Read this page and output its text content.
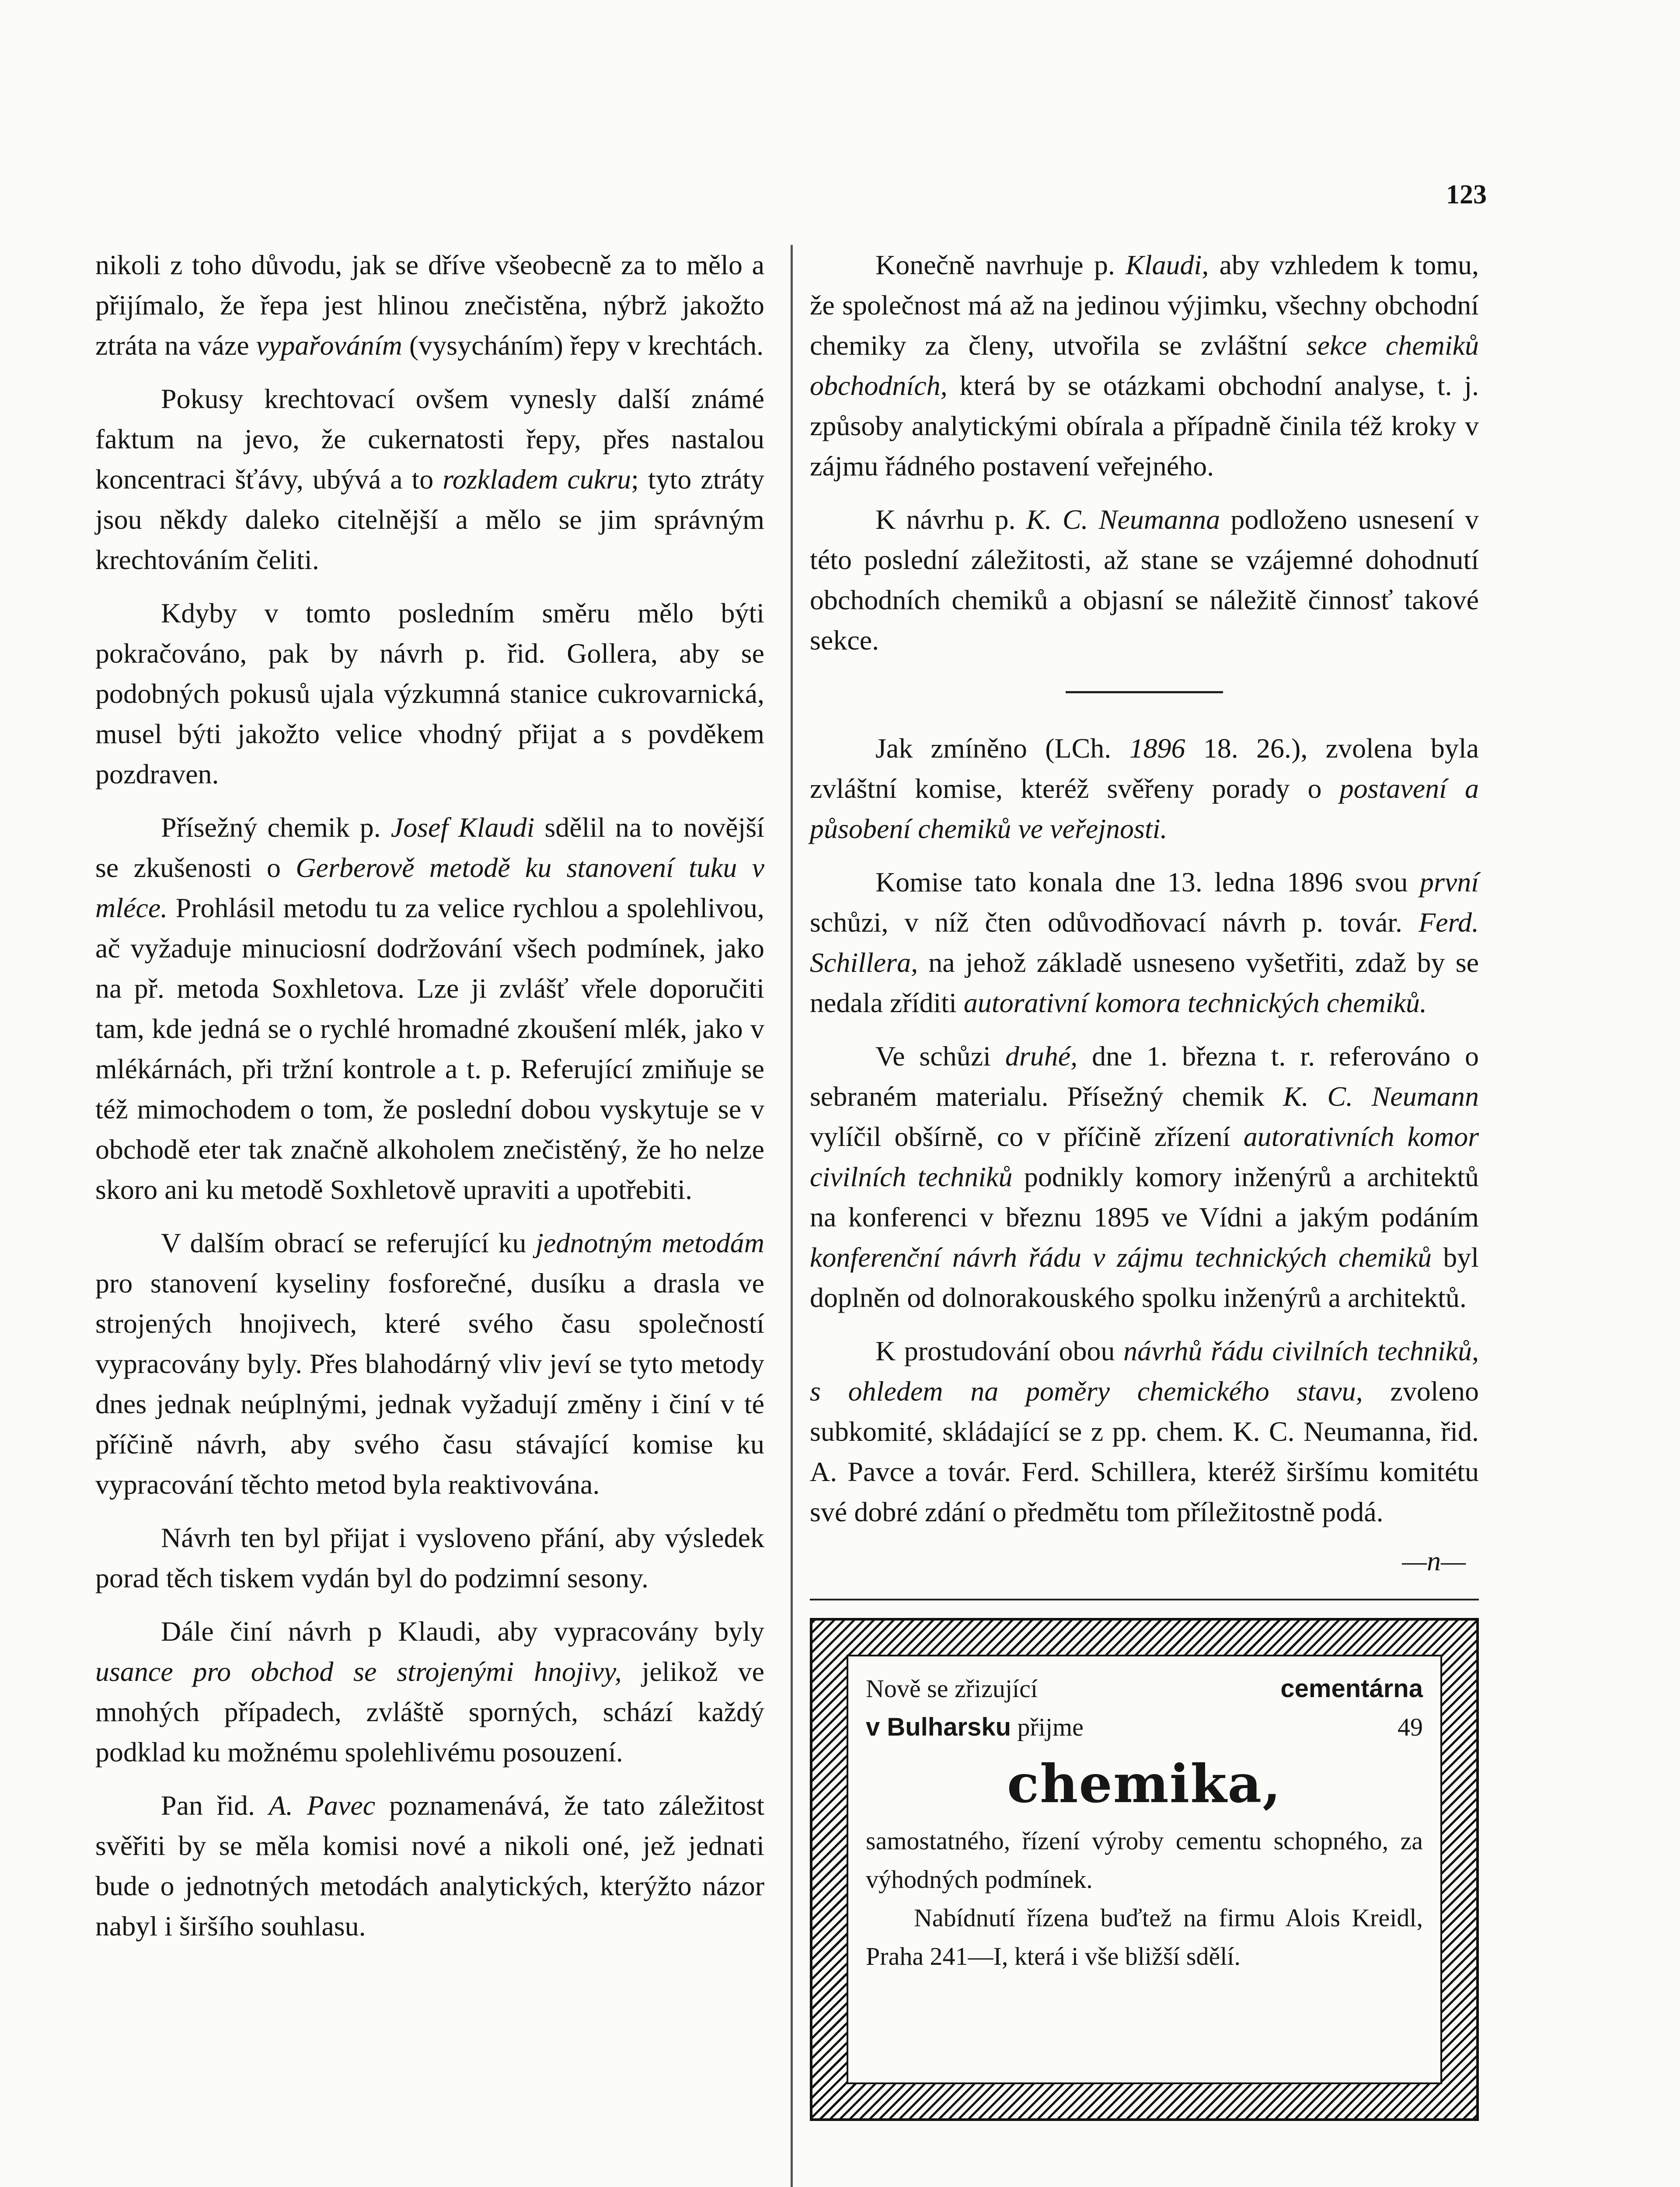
123

nikoli z toho důvodu, jak se dříve všeobecně za to mělo a přijímalo, že řepa jest hlinou znečistěna, nýbrž jakožto ztráta na váze vypařováním (vysycháním) řepy v krechtách.

Pokusy krechtovací ovšem vynesly další známé faktum na jevo, že cukernatosti řepy, přes nastalou koncentraci šťávy, ubývá a to rozkladem cukru; tyto ztráty jsou někdy daleko citelnější a mělo se jim správným krechtováním čeliti.

Kdyby v tomto posledním směru mělo býti pokračováno, pak by návrh p. řid. Gollera, aby se podobných pokusů ujala výzkumná stanice cukrovarnická, musel býti jakožto velice vhodný přijat a s povděkem pozdraven.

Přísežný chemik p. Josef Klaudi sdělil na to novější se zkušenosti o Gerberově metodě ku stanovení tuku v mléce. Prohlásil metodu tu za velice rychlou a spolehlivou, ač vyžaduje minuciosní dodržování všech podmínek, jako na př. metoda Soxhletova. Lze ji zvlášť vřele doporučiti tam, kde jedná se o rychlé hromadné zkoušení mlék, jako v mlékárnách, při tržní kontrole a t. p. Referující zmiňuje se též mimochodem o tom, že poslední dobou vyskytuje se v obchodě eter tak značně alkoholem znečistěný, že ho nelze skoro ani ku metodě Soxhletově upraviti a upotřebiti.

V dalším obrací se referující ku jednotným metodám pro stanovení kyseliny fosforečné, dusíku a drasla ve strojených hnojivech, které svého času společností vypracovány byly. Přes blahodárný vliv jeví se tyto metody dnes jednak neúplnými, jednak vyžadují změny i činí v té příčině návrh, aby svého času stávající komise ku vypracování těchto metod byla reaktivována.

Návrh ten byl přijat i vysloveno přání, aby výsledek porad těch tiskem vydán byl do podzimní sesony.

Dále činí návrh p Klaudi, aby vypracovány byly usance pro obchod se strojenými hnojivy, jelikož ve mnohých případech, zvláště sporných, schází každý podklad ku možnému spolehlivému posouzení.

Pan řid. A. Pavec poznamenává, že tato záležitost svěřiti by se měla komisi nové a nikoli oné, jež jednati bude o jednotných metodách analytických, kterýžto názor nabyl i širšího souhlasu.

Konečně navrhuje p. Klaudi, aby vzhledem k tomu, že společnost má až na jedinou výjimku, všechny obchodní chemiky za členy, utvořila se zvláštní sekce chemiků obchodních, která by se otázkami obchodní analyse, t. j. způsoby analytickými obírala a případně činila též kroky v zájmu řádného postavení veřejného.

K návrhu p. K. C. Neumanna podloženo usnesení v této poslední záležitosti, až stane se vzájemné dohodnutí obchodních chemiků a objasní se náležitě činnosť takové sekce.

Jak zmíněno (LCh. 1896 18. 26.), zvolena byla zvláštní komise, kteréž svěřeny porady o postavení a působení chemiků ve veřejnosti.

Komise tato konala dne 13. ledna 1896 svou první schůzi, v níž čten odůvodňovací návrh p. továr. Ferd. Schillera, na jehož základě usneseno vyšetřiti, zdaž by se nedala zříditi autorativní komora technických chemiků.

Ve schůzi druhé, dne 1. března t. r. referováno o sebraném materialu. Přísežný chemik K. C. Neumann vylíčil obšírně, co v příčině zřízení autorativních komor civilních techniků podnikly komory inženýrů a architektů na konferenci v březnu 1895 ve Vídni a jakým podáním konferenční návrh řádu v zájmu technických chemiků byl doplněn od dolnorakouského spolku inženýrů a architektů.

K prostudování obou návrhů řádu civilních techniků, s ohledem na poměry chemického stavu, zvoleno subkomité, skládající se z pp. chem. K. C. Neumanna, řid. A. Pavce a továr. Ferd. Schillera, kteréž širšímu komitétu své dobré zdání o předmětu tom příležitostně podá.

—n—
Nově se zřizující	cementárna
v Bulharsku přijme	49
chemika,

samostatného, řízení výroby cementu schopného, za výhodných podmínek.

Nabídnutí řízena buďtež na firmu Alois Kreidl, Praha 241—I, která i vše bližší sdělí.
